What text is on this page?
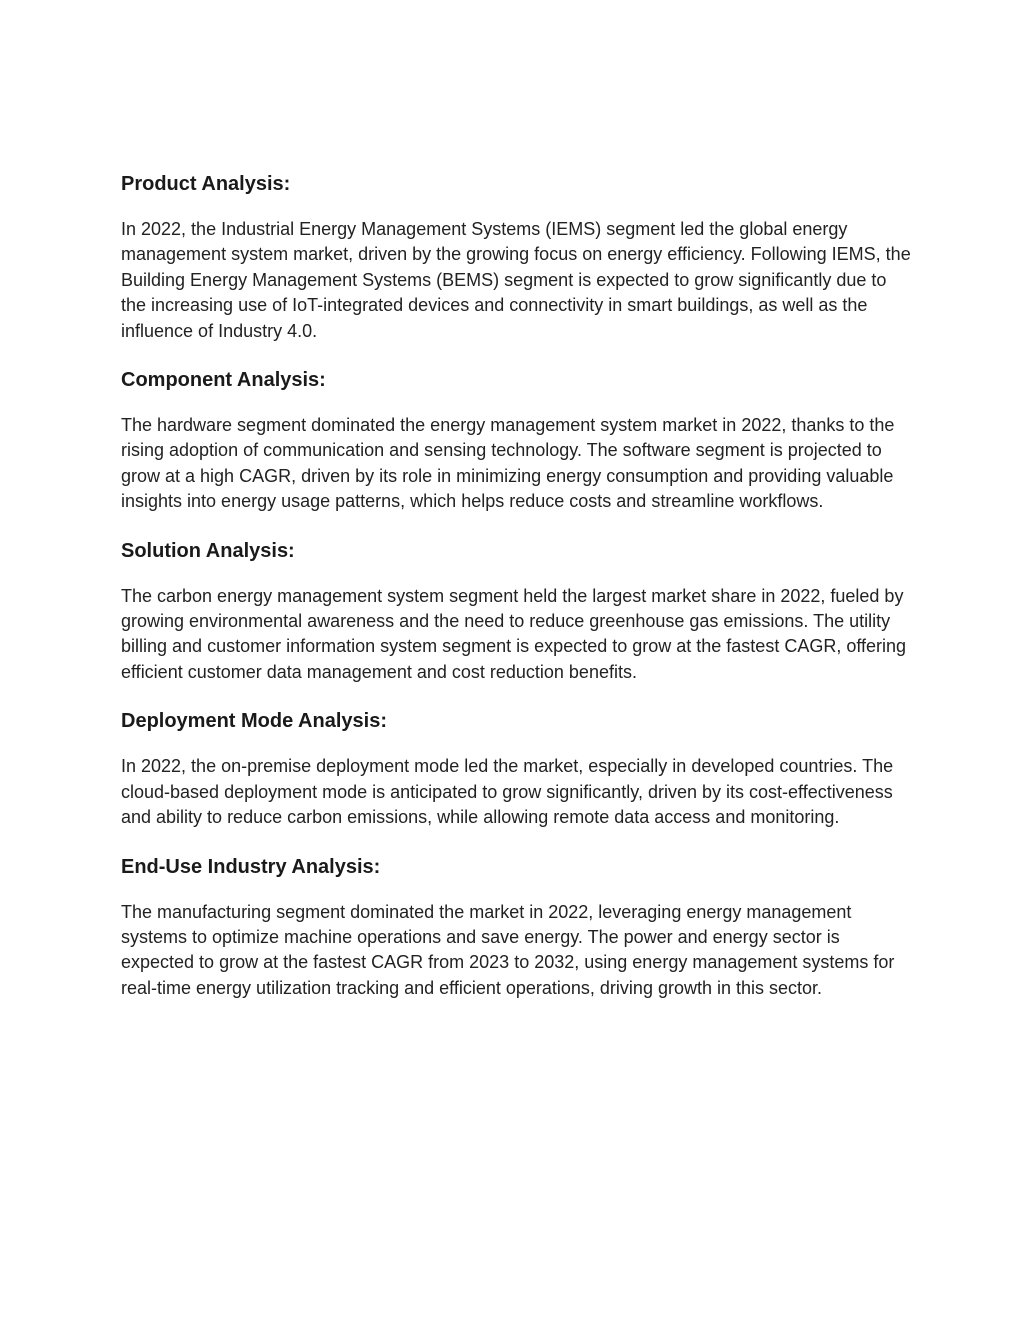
Product Analysis:

In 2022, the Industrial Energy Management Systems (IEMS) segment led the global energy management system market, driven by the growing focus on energy efficiency. Following IEMS, the Building Energy Management Systems (BEMS) segment is expected to grow significantly due to the increasing use of IoT-integrated devices and connectivity in smart buildings, as well as the influence of Industry 4.0.

Component Analysis:

The hardware segment dominated the energy management system market in 2022, thanks to the rising adoption of communication and sensing technology. The software segment is projected to grow at a high CAGR, driven by its role in minimizing energy consumption and providing valuable insights into energy usage patterns, which helps reduce costs and streamline workflows.

Solution Analysis:

The carbon energy management system segment held the largest market share in 2022, fueled by growing environmental awareness and the need to reduce greenhouse gas emissions. The utility billing and customer information system segment is expected to grow at the fastest CAGR, offering efficient customer data management and cost reduction benefits.

Deployment Mode Analysis:

In 2022, the on-premise deployment mode led the market, especially in developed countries. The cloud-based deployment mode is anticipated to grow significantly, driven by its cost-effectiveness and ability to reduce carbon emissions, while allowing remote data access and monitoring.

End-Use Industry Analysis:

The manufacturing segment dominated the market in 2022, leveraging energy management systems to optimize machine operations and save energy. The power and energy sector is expected to grow at the fastest CAGR from 2023 to 2032, using energy management systems for real-time energy utilization tracking and efficient operations, driving growth in this sector.
